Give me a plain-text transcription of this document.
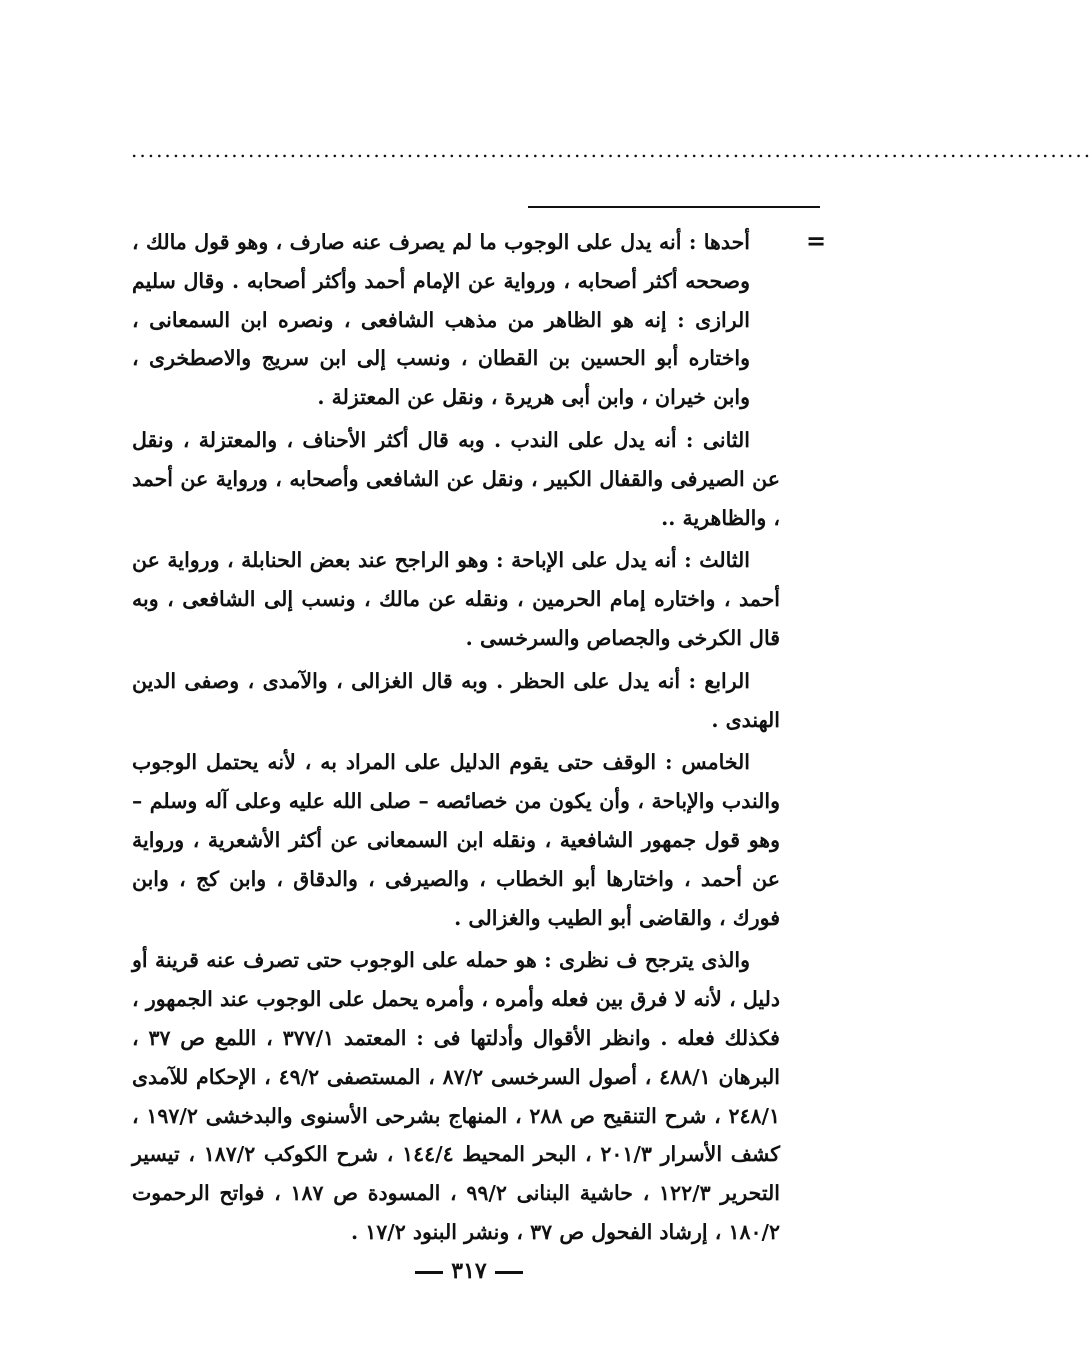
...................................................................................................................
=

أحدها : أنه يدل على الوجوب ما لم يصرف عنه صارف ، وهو قول مالك ، وصححه أكثر أصحابه ، ورواية عن الإمام أحمد وأكثر أصحابه . وقال سليم الرازى : إنه هو الظاهر من مذهب الشافعى ، ونصره ابن السمعانى ، واختاره أبو الحسين بن القطان ، ونسب إلى ابن سريج والاصطخرى ، وابن خيران ، وابن أبى هريرة ، ونقل عن المعتزلة .

الثانى : أنه يدل على الندب . وبه قال أكثر الأحناف ، والمعتزلة ، ونقل عن الصيرفى والقفال الكبير ، ونقل عن الشافعى وأصحابه ، ورواية عن أحمد ، والظاهرية ..

الثالث : أنه يدل على الإباحة : وهو الراجح عند بعض الحنابلة ، ورواية عن أحمد ، واختاره إمام الحرمين ، ونقله عن مالك ، ونسب إلى الشافعى ، وبه قال الكرخى والجصاص والسرخسى .

الرابع : أنه يدل على الحظر . وبه قال الغزالى ، والآمدى ، وصفى الدين الهندى .

الخامس : الوقف حتى يقوم الدليل على المراد به ، لأنه يحتمل الوجوب والندب والإباحة ، وأن يكون من خصائصه – صلى الله عليه وعلى آله وسلم – وهو قول جمهور الشافعية ، ونقله ابن السمعانى عن أكثر الأشعرية ، ورواية عن أحمد ، واختارها أبو الخطاب ، والصيرفى ، والدقاق ، وابن كج ، وابن فورك ، والقاضى أبو الطيب والغزالى .

والذى يترجح ف نظرى : هو حمله على الوجوب حتى تصرف عنه قرينة أو دليل ، لأنه لا فرق بين فعله وأمره ، وأمره يحمل على الوجوب عند الجمهور ، فكذلك فعله . وانظر الأقوال وأدلتها فى : المعتمد ٣٧٧/١ ، اللمع ص ٣٧ ، البرهان ٤٨٨/١ ، أصول السرخسى ٨٧/٢ ، المستصفى ٤٩/٢ ، الإحكام للآمدى ٢٤٨/١ ، شرح التنقيح ص ٢٨٨ ، المنهاج بشرحى الأسنوى والبدخشى ١٩٧/٢ ، كشف الأسرار ٢٠١/٣ ، البحر المحيط ١٤٤/٤ ، شرح الكوكب ١٨٧/٢ ، تيسير التحرير ١٢٢/٣ ، حاشية البنانى ٩٩/٢ ، المسودة ص ١٨٧ ، فواتح الرحموت ١٨٠/٢ ، إرشاد الفحول ص ٣٧ ، ونشر البنود ١٧/٢ .

٣١٧
